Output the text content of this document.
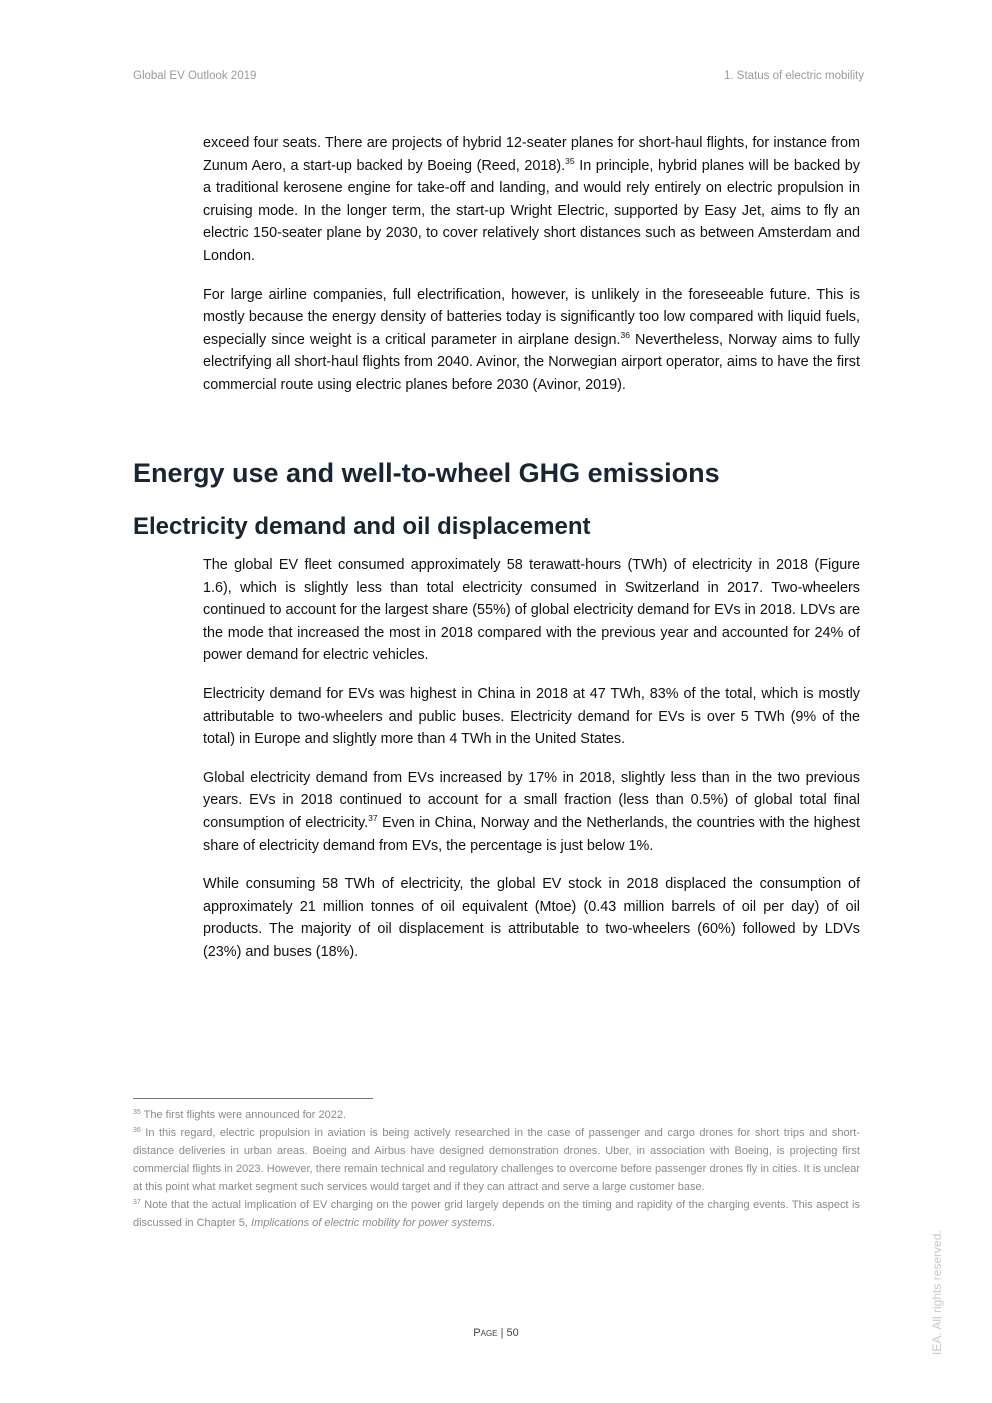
Global EV Outlook 2019	1. Status of electric mobility

exceed four seats. There are projects of hybrid 12-seater planes for short-haul flights, for instance from Zunum Aero, a start-up backed by Boeing (Reed, 2018).$^{35}$ In principle, hybrid planes will be backed by a traditional kerosene engine for take-off and landing, and would rely entirely on electric propulsion in cruising mode. In the longer term, the start-up Wright Electric, supported by Easy Jet, aims to fly an electric 150-seater plane by 2030, to cover relatively short distances such as between Amsterdam and London.

For large airline companies, full electrification, however, is unlikely in the foreseeable future. This is mostly because the energy density of batteries today is significantly too low compared with liquid fuels, especially since weight is a critical parameter in airplane design.$^{36}$ Nevertheless, Norway aims to fully electrifying all short-haul flights from 2040. Avinor, the Norwegian airport operator, aims to have the first commercial route using electric planes before 2030 (Avinor, 2019).

Energy use and well-to-wheel GHG emissions
Electricity demand and oil displacement

The global EV fleet consumed approximately 58 terawatt-hours (TWh) of electricity in 2018 (Figure 1.6), which is slightly less than total electricity consumed in Switzerland in 2017. Two-wheelers continued to account for the largest share (55%) of global electricity demand for EVs in 2018. LDVs are the mode that increased the most in 2018 compared with the previous year and accounted for 24% of power demand for electric vehicles.

Electricity demand for EVs was highest in China in 2018 at 47 TWh, 83% of the total, which is mostly attributable to two-wheelers and public buses. Electricity demand for EVs is over 5 TWh (9% of the total) in Europe and slightly more than 4 TWh in the United States.

Global electricity demand from EVs increased by 17% in 2018, slightly less than in the two previous years. EVs in 2018 continued to account for a small fraction (less than 0.5%) of global total final consumption of electricity.$^{37}$ Even in China, Norway and the Netherlands, the countries with the highest share of electricity demand from EVs, the percentage is just below 1%.

While consuming 58 TWh of electricity, the global EV stock in 2018 displaced the consumption of approximately 21 million tonnes of oil equivalent (Mtoe) (0.43 million barrels of oil per day) of oil products. The majority of oil displacement is attributable to two-wheelers (60%) followed by LDVs (23%) and buses (18%).

$^{35}$ The first flights were announced for 2022.
$^{36}$ In this regard, electric propulsion in aviation is being actively researched in the case of passenger and cargo drones for short trips and short-distance deliveries in urban areas. Boeing and Airbus have designed demonstration drones. Uber, in association with Boeing, is projecting first commercial flights in 2023. However, there remain technical and regulatory challenges to overcome before passenger drones fly in cities. It is unclear at this point what market segment such services would target and if they can attract and serve a large customer base.
$^{37}$ Note that the actual implication of EV charging on the power grid largely depends on the timing and rapidity of the charging events. This aspect is discussed in Chapter 5, Implications of electric mobility for power systems.
Page | 50	IEA. All rights reserved.
